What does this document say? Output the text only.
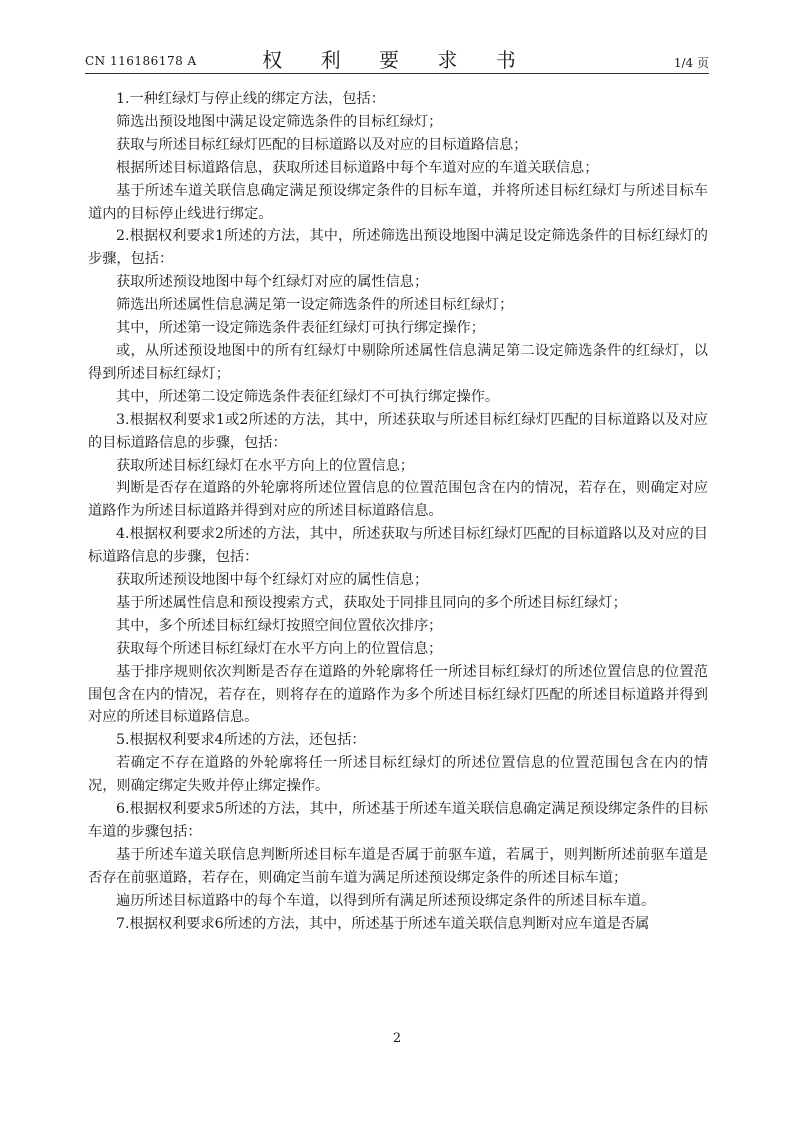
CN 116186178 A	权 利 要 求 书	1/4 页

1.一种红绿灯与停止线的绑定方法，包括：

筛选出预设地图中满足设定筛选条件的目标红绿灯；

获取与所述目标红绿灯匹配的目标道路以及对应的目标道路信息；

根据所述目标道路信息，获取所述目标道路中每个车道对应的车道关联信息；

基于所述车道关联信息确定满足预设绑定条件的目标车道，并将所述目标红绿灯与所述目标车道内的目标停止线进行绑定。

2.根据权利要求1所述的方法，其中，所述筛选出预设地图中满足设定筛选条件的目标红绿灯的步骤，包括：

获取所述预设地图中每个红绿灯对应的属性信息；

筛选出所述属性信息满足第一设定筛选条件的所述目标红绿灯；

其中，所述第一设定筛选条件表征红绿灯可执行绑定操作；

或，从所述预设地图中的所有红绿灯中剔除所述属性信息满足第二设定筛选条件的红绿灯，以得到所述目标红绿灯；

其中，所述第二设定筛选条件表征红绿灯不可执行绑定操作。

3.根据权利要求1或2所述的方法，其中，所述获取与所述目标红绿灯匹配的目标道路以及对应的目标道路信息的步骤，包括：

获取所述目标红绿灯在水平方向上的位置信息；

判断是否存在道路的外轮廓将所述位置信息的位置范围包含在内的情况，若存在，则确定对应道路作为所述目标道路并得到对应的所述目标道路信息。

4.根据权利要求2所述的方法，其中，所述获取与所述目标红绿灯匹配的目标道路以及对应的目标道路信息的步骤，包括：

获取所述预设地图中每个红绿灯对应的属性信息；

基于所述属性信息和预设搜索方式，获取处于同排且同向的多个所述目标红绿灯；

其中，多个所述目标红绿灯按照空间位置依次排序；

获取每个所述目标红绿灯在水平方向上的位置信息；

基于排序规则依次判断是否存在道路的外轮廓将任一所述目标红绿灯的所述位置信息的位置范围包含在内的情况，若存在，则将存在的道路作为多个所述目标红绿灯匹配的所述目标道路并得到对应的所述目标道路信息。

5.根据权利要求4所述的方法，还包括：

若确定不存在道路的外轮廓将任一所述目标红绿灯的所述位置信息的位置范围包含在内的情况，则确定绑定失败并停止绑定操作。

6.根据权利要求5所述的方法，其中，所述基于所述车道关联信息确定满足预设绑定条件的目标车道的步骤包括：

基于所述车道关联信息判断所述目标车道是否属于前驱车道，若属于，则判断所述前驱车道是否存在前驱道路，若存在，则确定当前车道为满足所述预设绑定条件的所述目标车道；

遍历所述目标道路中的每个车道，以得到所有满足所述预设绑定条件的所述目标车道。

7.根据权利要求6所述的方法，其中，所述基于所述车道关联信息判断对应车道是否属

2
